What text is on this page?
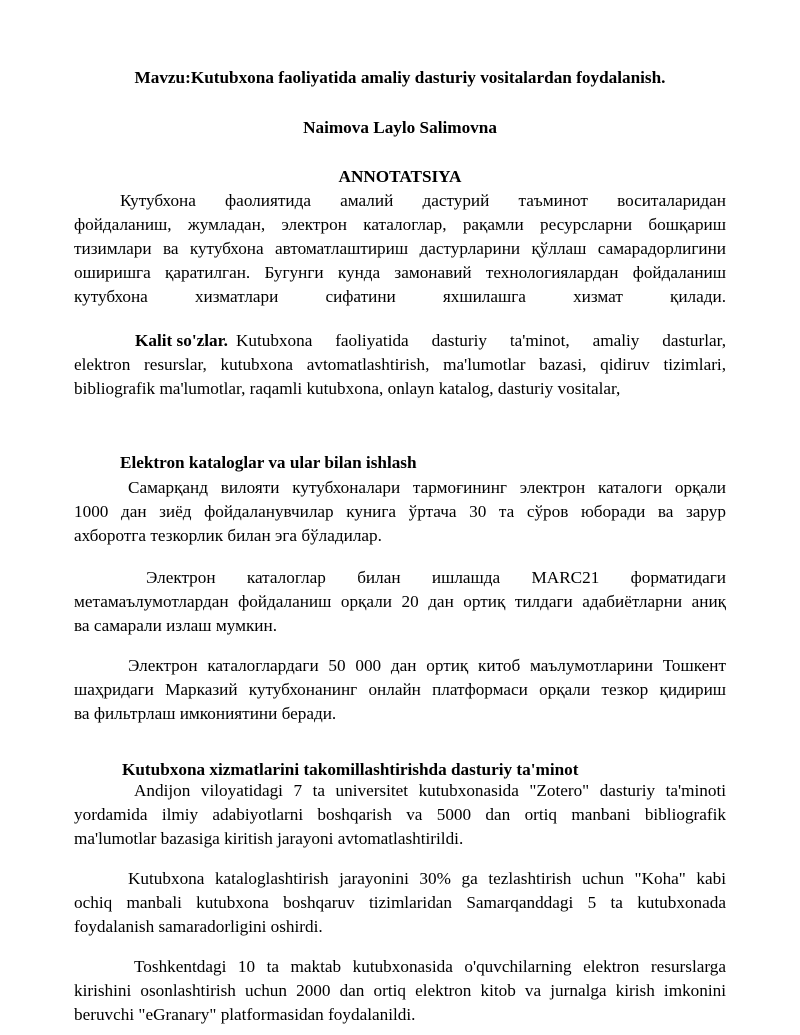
Mavzu:Kutubxona faoliyatida amaliy dasturiy vositalardan foydalanish.
Naimova Laylo Salimovna
ANNOTATSIYA
Кутубхона фаолиятида амалий дастурий таъминот воситаларидан
фойдаланиш, жумладан, электрон каталоглар, рақамли ресурсларни бошқариш
тизимлари ва кутубхона автоматлаштириш дастурларини қўллаш самарадорлигини
оширишга қаратилган. Бугунги кунда замонавий технологиялардан фойдаланиш
кутубхона хизматлари сифатини яхшилашга хизмат қилади.
Kalit so'zlar. Kutubxona faoliyatida dasturiy ta'minot, amaliy dasturlar,
elektron resurslar, kutubxona avtomatlashtirish, ma'lumotlar bazasi, qidiruv tizimlari,
bibliografik ma'lumotlar, raqamli kutubxona, onlayn katalog, dasturiy vositalar,
Elektron kataloglar va ular bilan ishlash
Самарқанд вилояти кутубхоналари тармоғининг электрон каталоги орқали
1000 дан зиёд фойдаланувчилар кунига ўртача 30 та сўров юборади ва зарур
ахборотга тезкорлик билан эга бўладилар.
Электрон каталоглар билан ишлашда MARC21 форматидаги
метамаълумотлардан фойдаланиш орқали 20 дан ортиқ тилдаги адабиётларни аниқ
ва самарали излаш мумкин.
Электрон каталоглардаги 50 000 дан ортиқ китоб маълумотларини Тошкент
шаҳридаги Марказий кутубхонанинг онлайн платформаси орқали тезкор қидириш
ва фильтрлаш имкониятини беради.
Kutubxona xizmatlarini takomillashtirishda dasturiy ta'minot
Andijon viloyatidagi 7 ta universitet kutubxonasida "Zotero" dasturiy ta'minoti
yordamida ilmiy adabiyotlarni boshqarish va 5000 dan ortiq manbani bibliografik
ma'lumotlar bazasiga kiritish jarayoni avtomatlashtirildi.
Kutubxona kataloglashtirish jarayonini 30% ga tezlashtirish uchun "Koha" kabi
ochiq manbali kutubxona boshqaruv tizimlaridan Samarqanddagi 5 ta kutubxonada
foydalanish samaradorligini oshirdi.
Toshkentdagi 10 ta maktab kutubxonasida o'quvchilarning elektron resurslarga
kirishini osonlashtirish uchun 2000 dan ortiq elektron kitob va jurnalga kirish imkonini
beruvchi "eGranary" platformasidan foydalanildi.
